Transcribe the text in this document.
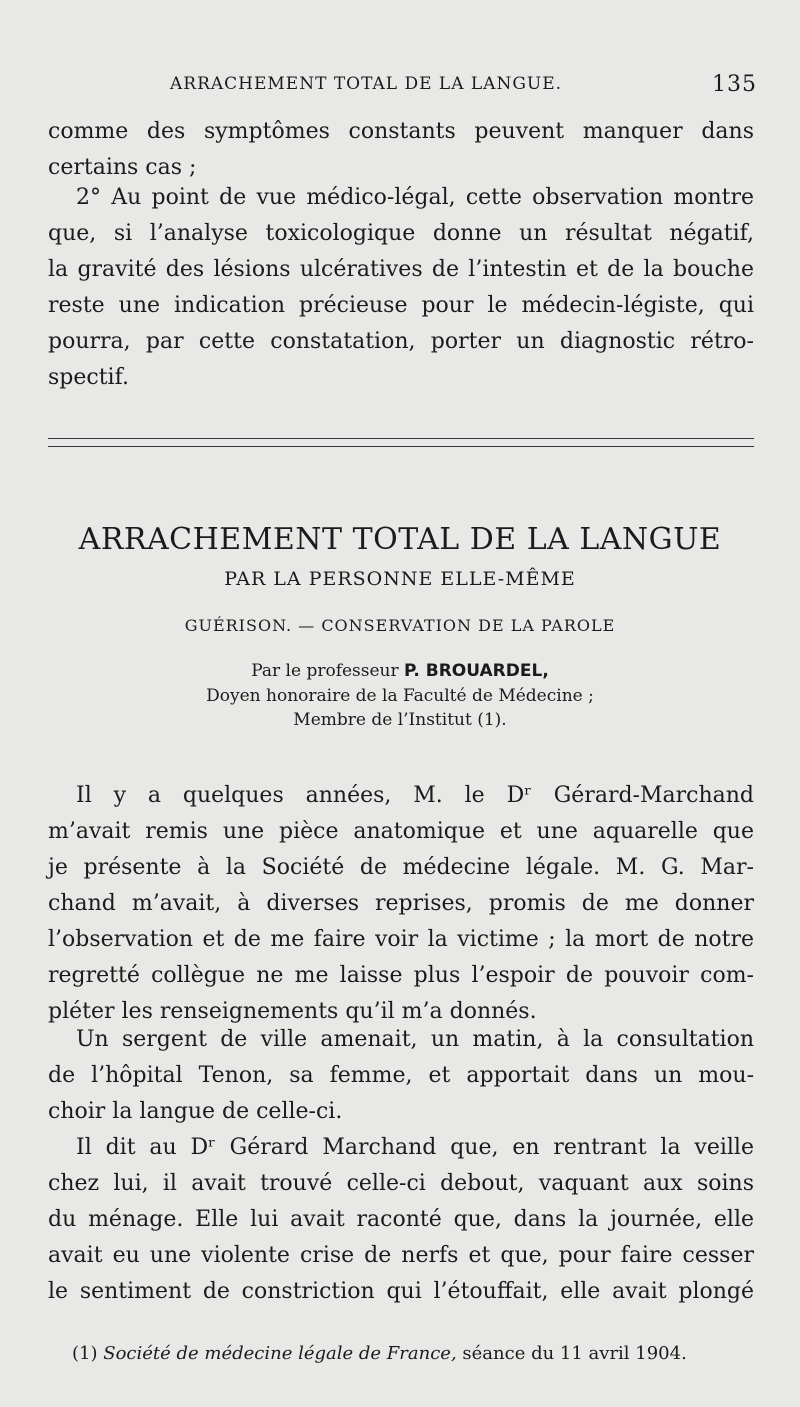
ARRACHEMENT TOTAL DE LA LANGUE.	135
comme des symptômes constants peuvent manquer dans
certains cas ;
2° Au point de vue médico-légal, cette observation montre
que, si l’analyse toxicologique donne un résultat négatif,
la gravité des lésions ulcératives de l’intestin et de la bouche
reste une indication précieuse pour le médecin-légiste, qui
pourra, par cette constatation, porter un diagnostic rétro-
spectif.
ARRACHEMENT TOTAL DE LA LANGUE
PAR LA PERSONNE ELLE-MÊME
GUÉRISON. — CONSERVATION DE LA PAROLE
Par le professeur P. BROUARDEL,
Doyen honoraire de la Faculté de Médecine ;
Membre de l’Institut (1).
Il y a quelques années, M. le Dʳ Gérard-Marchand
m’avait remis une pièce anatomique et une aquarelle que
je présente à la Société de médecine légale. M. G. Mar-
chand m’avait, à diverses reprises, promis de me donner
l’observation et de me faire voir la victime ; la mort de notre
regretté collègue ne me laisse plus l’espoir de pouvoir com-
pléter les renseignements qu’il m’a donnés.
Un sergent de ville amenait, un matin, à la consultation
de l’hôpital Tenon, sa femme, et apportait dans un mou-
choir la langue de celle-ci.
Il dit au Dʳ Gérard Marchand que, en rentrant la veille
chez lui, il avait trouvé celle-ci debout, vaquant aux soins
du ménage. Elle lui avait raconté que, dans la journée, elle
avait eu une violente crise de nerfs et que, pour faire cesser
le sentiment de constriction qui l’étouffait, elle avait plongé
(1) Société de médecine légale de France, séance du 11 avril 1904.
